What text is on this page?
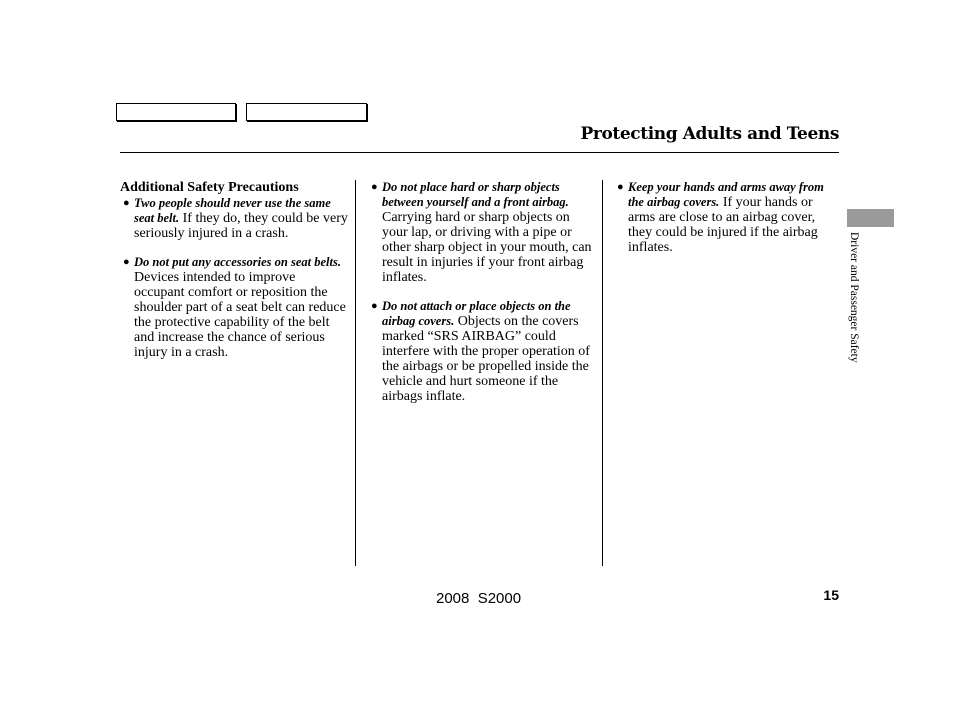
Protecting Adults and Teens
Additional Safety Precautions
● Two people should never use the same seat belt. If they do, they could be very seriously injured in a crash.
● Do not put any accessories on seat belts. Devices intended to improve occupant comfort or reposition the shoulder part of a seat belt can reduce the protective capability of the belt and increase the chance of serious injury in a crash.
● Do not place hard or sharp objects between yourself and a front airbag. Carrying hard or sharp objects on your lap, or driving with a pipe or other sharp object in your mouth, can result in injuries if your front airbag inflates.
● Do not attach or place objects on the airbag covers. Objects on the covers marked “SRS AIRBAG” could interfere with the proper operation of the airbags or be propelled inside the vehicle and hurt someone if the airbags inflate.
● Keep your hands and arms away from the airbag covers. If your hands or arms are close to an airbag cover, they could be injured if the airbag inflates.	Driver and Passenger Safety
2008  S2000	15
